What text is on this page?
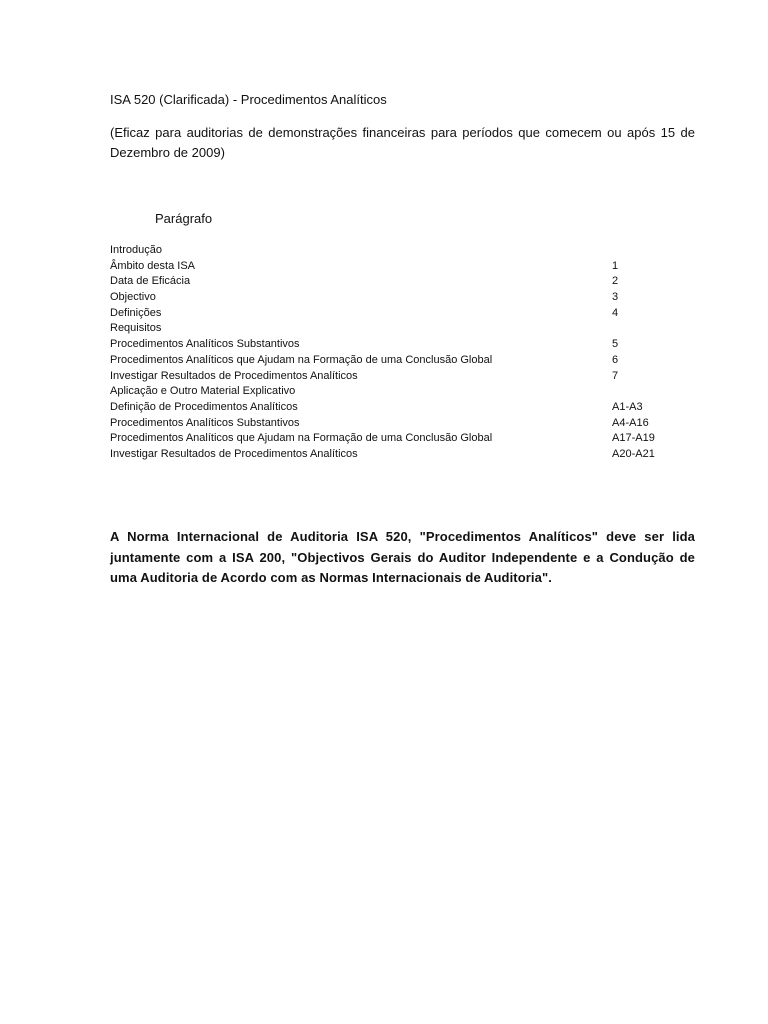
ISA 520 (Clarificada) - Procedimentos Analíticos
(Eficaz para auditorias de demonstrações financeiras para períodos que comecem ou após 15 de Dezembro de 2009)
Parágrafo
Introdução
Âmbito desta ISA	1
Data de Eficácia	2
Objectivo	3
Definições	4
Requisitos
Procedimentos Analíticos Substantivos	5
Procedimentos Analíticos que Ajudam na Formação de uma Conclusão Global	6
Investigar Resultados de Procedimentos Analíticos	7
Aplicação e Outro Material Explicativo
Definição de Procedimentos Analíticos	A1-A3
Procedimentos Analíticos Substantivos	A4-A16
Procedimentos Analíticos que Ajudam na Formação de uma Conclusão Global	A17-A19
Investigar Resultados de Procedimentos Analíticos	A20-A21
A Norma Internacional de Auditoria ISA 520, "Procedimentos Analíticos" deve ser lida juntamente com a ISA 200, "Objectivos Gerais do Auditor Independente e a Condução de uma Auditoria de Acordo com as Normas Internacionais de Auditoria".
